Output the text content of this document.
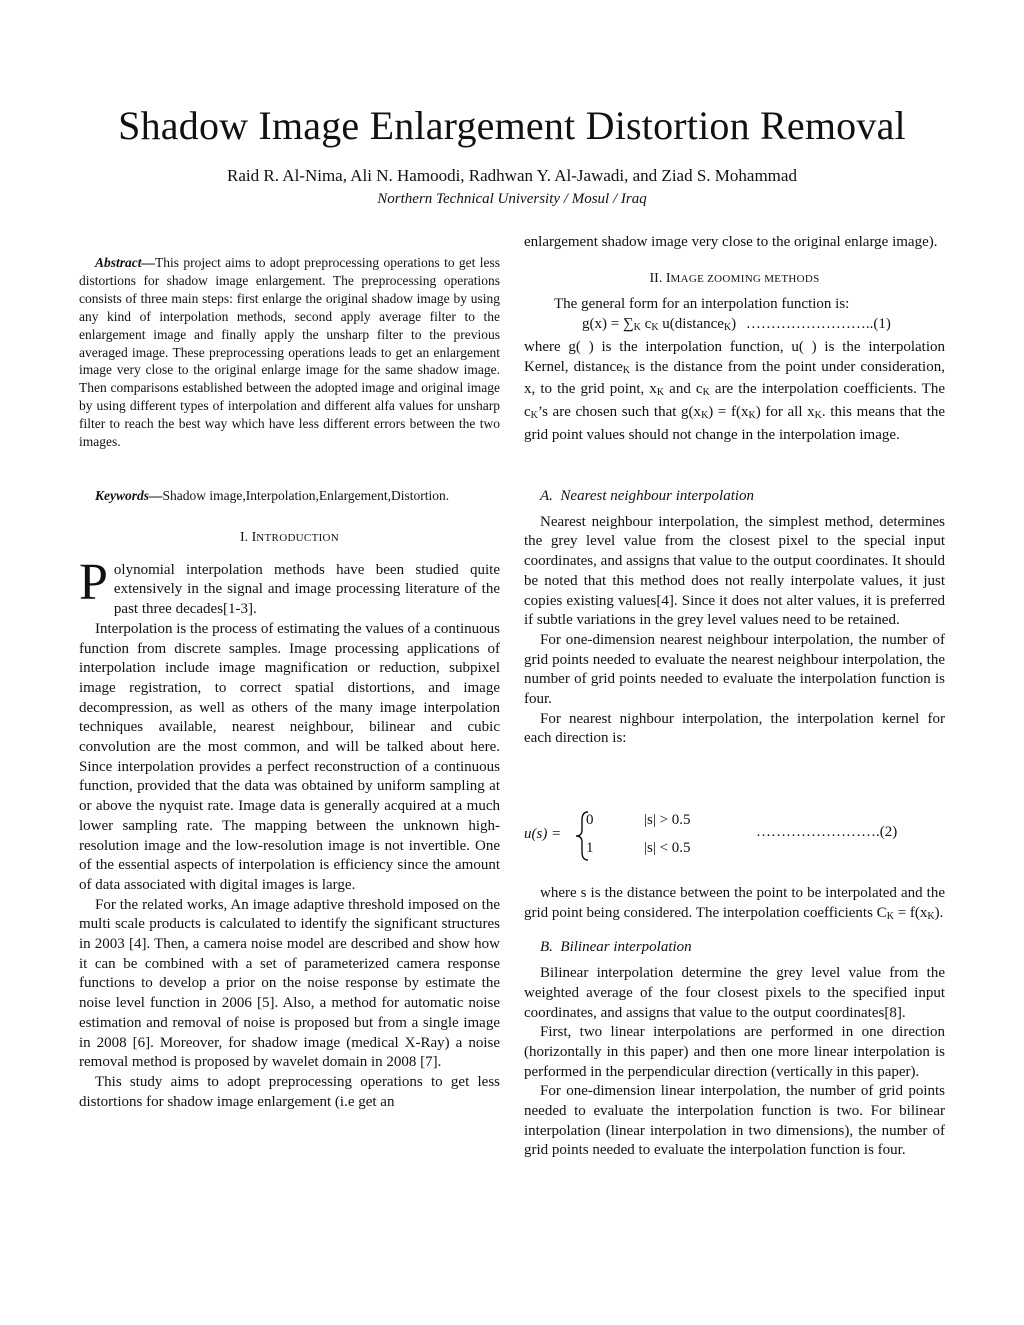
Shadow Image Enlargement Distortion Removal
Raid R. Al-Nima, Ali N. Hamoodi, Radhwan Y. Al-Jawadi, and Ziad S. Mohammad
Northern Technical University / Mosul / Iraq
Abstract—This project aims to adopt preprocessing operations to get less distortions for shadow image enlargement. The preprocessing operations consists of three main steps: first enlarge the original shadow image by using any kind of interpolation methods, second apply average filter to the enlargement image and finally apply the unsharp filter to the previous averaged image. These preprocessing operations leads to get an enlargement image very close to the original enlarge image for the same shadow image. Then comparisons established between the adopted image and original image by using different types of interpolation and different alfa values for unsharp filter to reach the best way which have less different errors between the two images.
Keywords—Shadow image,Interpolation,Enlargement,Distortion.
I. INTRODUCTION

Polynomial interpolation methods have been studied quite extensively in the signal and image processing literature of the past three decades[1-3].

Interpolation is the process of estimating the values of a continuous function from discrete samples. Image processing applications of interpolation include image magnification or reduction, subpixel image registration, to correct spatial distortions, and image decompression, as well as others of the many image interpolation techniques available, nearest neighbour, bilinear and cubic convolution are the most common, and will be talked about here. Since interpolation provides a perfect reconstruction of a continuous function, provided that the data was obtained by uniform sampling at or above the nyquist rate. Image data is generally acquired at a much lower sampling rate. The mapping between the unknown high-resolution image and the low-resolution image is not invertible. One of the essential aspects of interpolation is efficiency since the amount of data associated with digital images is large.

For the related works, An image adaptive threshold imposed on the multi scale products is calculated to identify the significant structures in 2003 [4]. Then, a camera noise model are described and show how it can be combined with a set of parameterized camera response functions to develop a prior on the noise response by estimate the noise level function in 2006 [5]. Also, a method for automatic noise estimation and removal of noise is proposed but from a single image in 2008 [6]. Moreover, for shadow image (medical X-Ray) a noise removal method is proposed by wavelet domain in 2008 [7].

This study aims to adopt preprocessing operations to get less distortions for shadow image enlargement (i.e get an

enlargement shadow image very close to the original enlarge image).

II. IMAGE ZOOMING METHODS

The general form for an interpolation function is:

$g(x) = \sum_K$ $c_K$ u(distance$_K$) ……………………..(1)

where g( ) is the interpolation function, u( ) is the interpolation Kernel, distance$_K$ is the distance from the point under consideration, x, to the grid point, $x_K$ and $c_K$ are the interpolation coefficients. The $c_K’s$ are chosen such that $g(x_K) = f(x_K)$ for all $x_K$. this means that the grid point values should not change in the interpolation image.

A. Nearest neighbour interpolation

Nearest neighbour interpolation, the simplest method, determines the grey level value from the closest pixel to the special input coordinates, and assigns that value to the output coordinates. It should be noted that this method does not really interpolate values, it just copies existing values[4]. Since it does not alter values, it is preferred if subtle variations in the grey level values need to be retained.

For one-dimension nearest neighbour interpolation, the number of grid points needed to evaluate the nearest neighbour interpolation, the number of grid points needed to evaluate the interpolation function is four.

For nearest nighbour interpolation, the interpolation kernel for each direction is:

u(s) =
0	|s| > 0.5
1	|s| < 0.5
…………………….(2)

where s is the distance between the point to be interpolated and the grid point being considered. The interpolation coefficients $C_K = f(x_K)$.

B. Bilinear interpolation

Bilinear interpolation determine the grey level value from the weighted average of the four closest pixels to the specified input coordinates, and assigns that value to the output coordinates[8].

First, two linear interpolations are performed in one direction (horizontally in this paper) and then one more linear interpolation is performed in the perpendicular direction (vertically in this paper).

For one-dimension linear interpolation, the number of grid points needed to evaluate the interpolation function is two. For bilinear interpolation (linear interpolation in two dimensions), the number of grid points needed to evaluate the interpolation function is four.
